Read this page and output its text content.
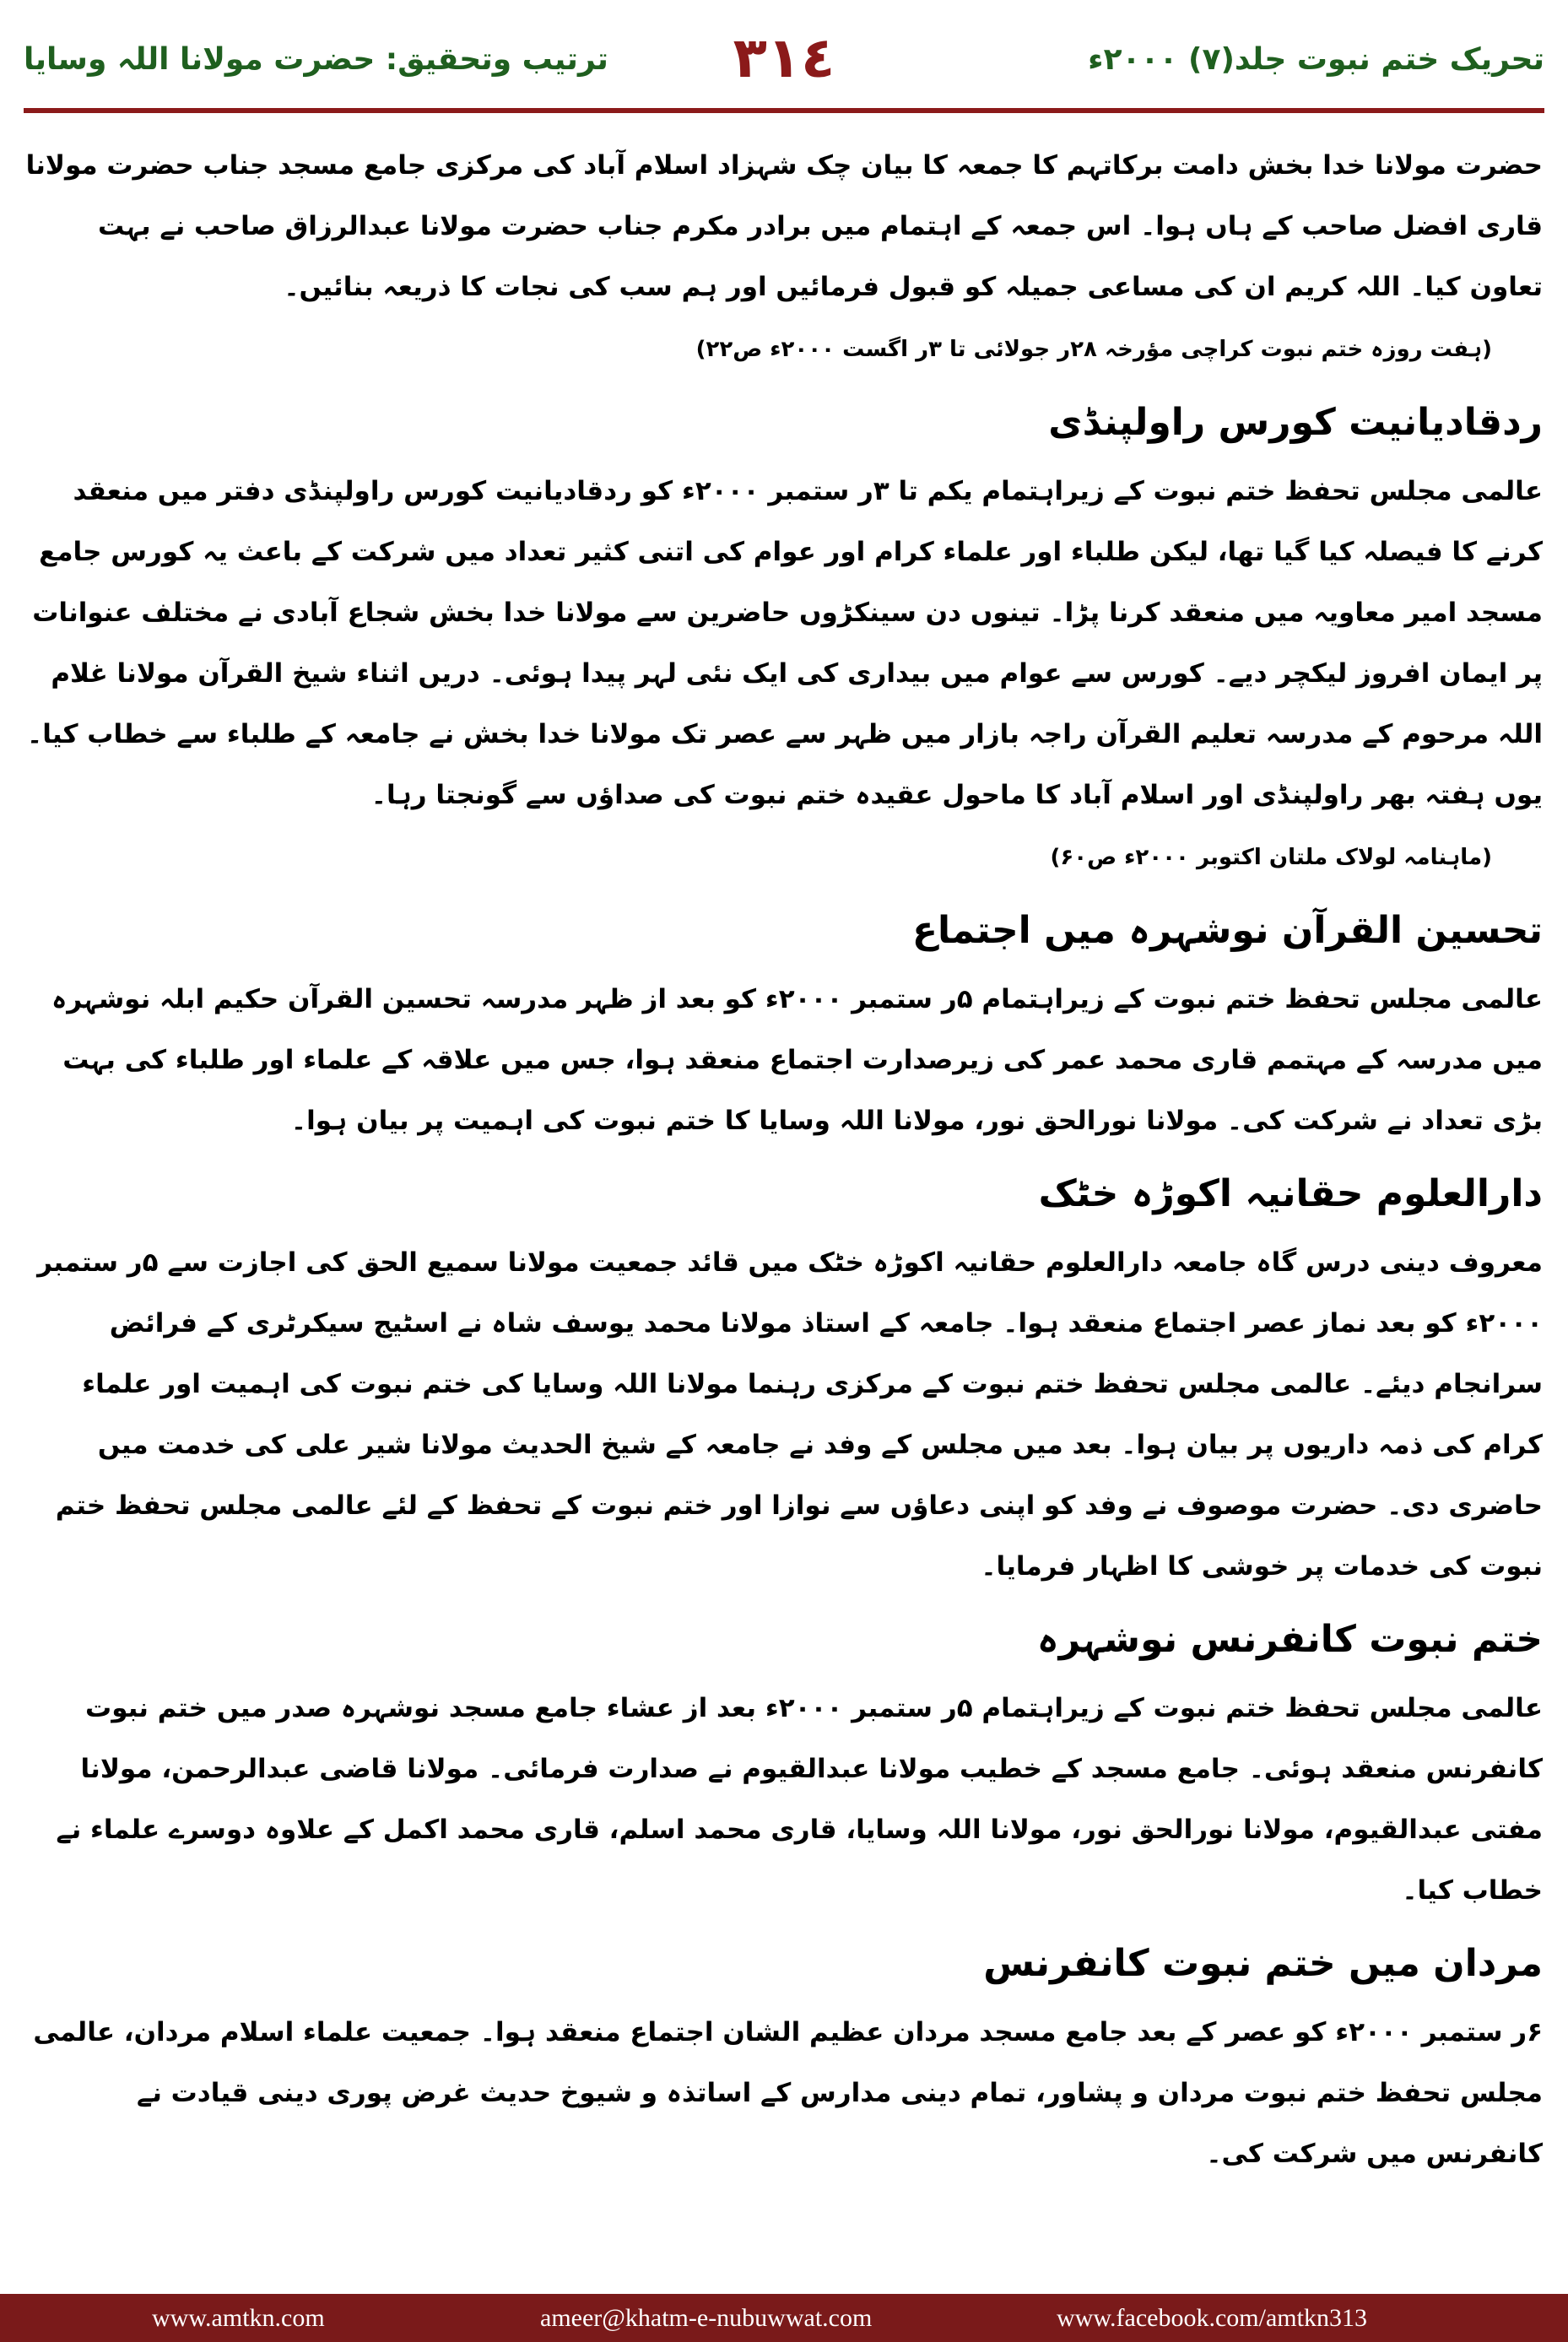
ترتیب وتحقیق: حضرت مولانا اللہ وسایا	٣١٤	تحریک ختم نبوت جلد(۷) ۲۰۰۰ء

حضرت مولانا خدا بخش دامت برکاتہم کا جمعہ کا بیان چک شہزاد اسلام آباد کی مرکزی جامع مسجد جناب حضرت مولانا قاری افضل صاحب کے ہاں ہوا۔ اس جمعہ کے اہتمام میں برادر مکرم جناب حضرت مولانا عبدالرزاق صاحب نے بہت تعاون کیا۔ اللہ کریم ان کی مساعی جمیلہ کو قبول فرمائیں اور ہم سب کی نجات کا ذریعہ بنائیں۔ (ہفت روزہ ختم نبوت کراچی مؤرخہ ۲۸ر جولائی تا ۳ر اگست ۲۰۰۰ء ص۲۲)

ردقادیانیت کورس راولپنڈی

عالمی مجلس تحفظ ختم نبوت کے زیراہتمام یکم تا ۳ر ستمبر ۲۰۰۰ء کو ردقادیانیت کورس راولپنڈی دفتر میں منعقد کرنے کا فیصلہ کیا گیا تھا، لیکن طلباء اور علماء کرام اور عوام کی اتنی کثیر تعداد میں شرکت کے باعث یہ کورس جامع مسجد امیر معاویہ میں منعقد کرنا پڑا۔ تینوں دن سینکڑوں حاضرین سے مولانا خدا بخش شجاع آبادی نے مختلف عنوانات پر ایمان افروز لیکچر دیے۔ کورس سے عوام میں بیداری کی ایک نئی لہر پیدا ہوئی۔ دریں اثناء شیخ القرآن مولانا غلام اللہ مرحوم کے مدرسہ تعلیم القرآن راجہ بازار میں ظہر سے عصر تک مولانا خدا بخش نے جامعہ کے طلباء سے خطاب کیا۔ یوں ہفتہ بھر راولپنڈی اور اسلام آباد کا ماحول عقیدہ ختم نبوت کی صداؤں سے گونجتا رہا۔ (ماہنامہ لولاک ملتان اکتوبر ۲۰۰۰ء ص۶۰)

تحسین القرآن نوشہرہ میں اجتماع

عالمی مجلس تحفظ ختم نبوت کے زیراہتمام ۵ر ستمبر ۲۰۰۰ء کو بعد از ظہر مدرسہ تحسین القرآن حکیم ابلہ نوشہرہ میں مدرسہ کے مہتمم قاری محمد عمر کی زیرصدارت اجتماع منعقد ہوا، جس میں علاقہ کے علماء اور طلباء کی بہت بڑی تعداد نے شرکت کی۔ مولانا نورالحق نور، مولانا اللہ وسایا کا ختم نبوت کی اہمیت پر بیان ہوا۔

دارالعلوم حقانیہ اکوڑہ خٹک

معروف دینی درس گاہ جامعہ دارالعلوم حقانیہ اکوڑہ خٹک میں قائد جمعیت مولانا سمیع الحق کی اجازت سے ۵ر ستمبر ۲۰۰۰ء کو بعد نماز عصر اجتماع منعقد ہوا۔ جامعہ کے استاذ مولانا محمد یوسف شاہ نے اسٹیج سیکرٹری کے فرائض سرانجام دیئے۔ عالمی مجلس تحفظ ختم نبوت کے مرکزی رہنما مولانا اللہ وسایا کی ختم نبوت کی اہمیت اور علماء کرام کی ذمہ داریوں پر بیان ہوا۔ بعد میں مجلس کے وفد نے جامعہ کے شیخ الحدیث مولانا شیر علی کی خدمت میں حاضری دی۔ حضرت موصوف نے وفد کو اپنی دعاؤں سے نوازا اور ختم نبوت کے تحفظ کے لئے عالمی مجلس تحفظ ختم نبوت کی خدمات پر خوشی کا اظہار فرمایا۔

ختم نبوت کانفرنس نوشہرہ

عالمی مجلس تحفظ ختم نبوت کے زیراہتمام ۵ر ستمبر ۲۰۰۰ء بعد از عشاء جامع مسجد نوشہرہ صدر میں ختم نبوت کانفرنس منعقد ہوئی۔ جامع مسجد کے خطیب مولانا عبدالقیوم نے صدارت فرمائی۔ مولانا قاضی عبدالرحمن، مولانا مفتی عبدالقیوم، مولانا نورالحق نور، مولانا اللہ وسایا، قاری محمد اسلم، قاری محمد اکمل کے علاوہ دوسرے علماء نے خطاب کیا۔

مردان میں ختم نبوت کانفرنس

۶ر ستمبر ۲۰۰۰ء کو عصر کے بعد جامع مسجد مردان عظیم الشان اجتماع منعقد ہوا۔ جمعیت علماء اسلام مردان، عالمی مجلس تحفظ ختم نبوت مردان و پشاور، تمام دینی مدارس کے اساتذہ و شیوخ حدیث غرض پوری دینی قیادت نے کانفرنس میں شرکت کی۔

www.amtkn.com	ameer@khatm-e-nubuwwat.com	www.facebook.com/amtkn313
